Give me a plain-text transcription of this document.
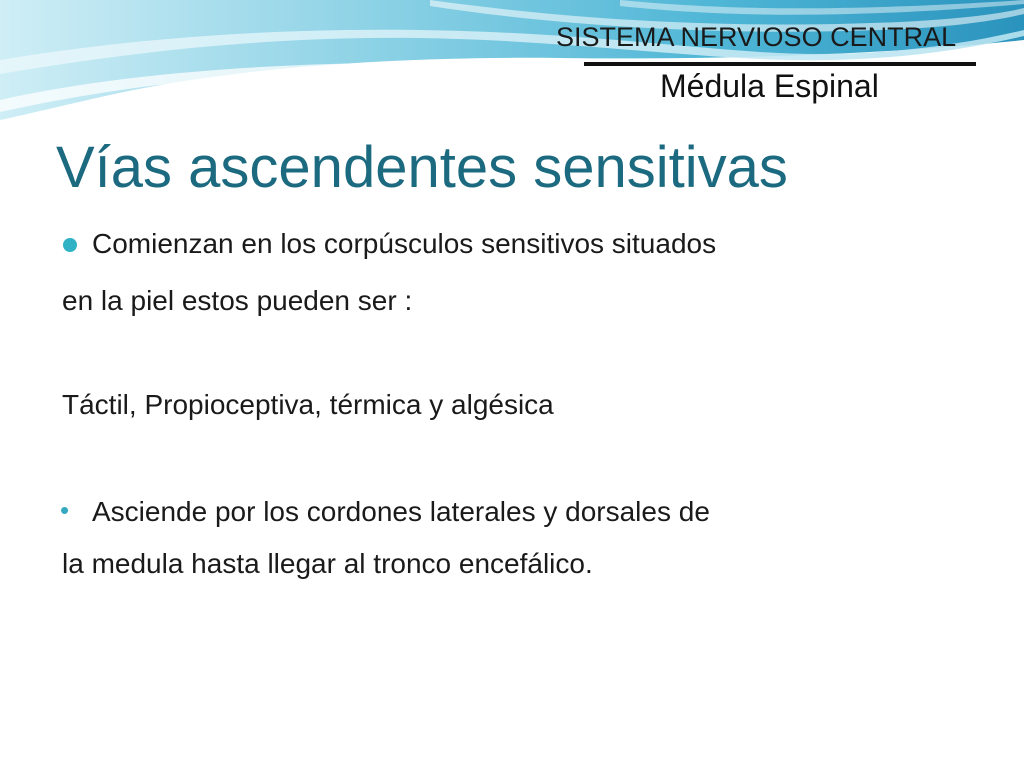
SISTEMA NERVIOSO CENTRAL
Médula Espinal
Vías ascendentes sensitivas
Comienzan en los corpúsculos sensitivos situados
en la piel estos pueden ser :
Táctil, Propioceptiva, térmica y algésica
• Asciende por los cordones laterales y dorsales de
la medula hasta llegar al tronco encefálico.
